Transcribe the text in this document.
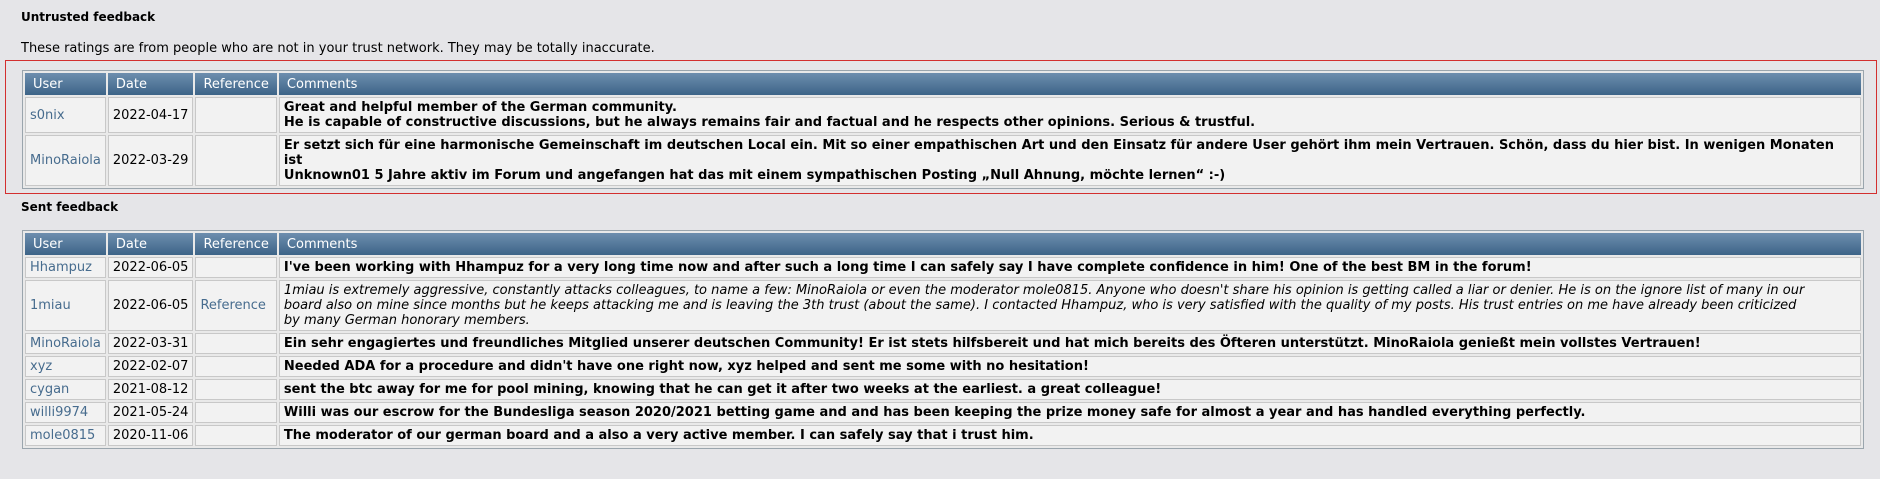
Untrusted feedback
These ratings are from people who are not in your trust network. They may be totally inaccurate.
User	Date	Reference	Comments
s0nix	2022-04-17		Great and helpful member of the German community.
He is capable of constructive discussions, but he always remains fair and factual and he respects other opinions. Serious & trustful.

MinoRaiola	2022-03-29		Er setzt sich für eine harmonische Gemeinschaft im deutschen Local ein. Mit so einer empathischen Art und den Einsatz für andere User gehört ihm mein Vertrauen. Schön, dass du hier bist. In wenigen Monaten ist
Unknown01 5 Jahre aktiv im Forum und angefangen hat das mit einem sympathischen Posting „Null Ahnung, möchte lernen“ :-)
Sent feedback
User	Date	Reference	Comments
Hhampuz	2022-06-05		I've been working with Hhampuz for a very long time now and after such a long time I can safely say I have complete confidence in him! One of the best BM in the forum!
1miau	2022-06-05	Reference	1miau is extremely aggressive, constantly attacks colleagues, to name a few: MinoRaiola or even the moderator mole0815. Anyone who doesn't share his opinion is getting called a liar or denier. He is on the ignore list of many in our
board also on mine since months but he keeps attacking me and is leaving the 3th trust (about the same). I contacted Hhampuz, who is very satisfied with the quality of my posts. His trust entries on me have already been criticized
by many German honorary members.

MinoRaiola	2022-03-31		Ein sehr engagiertes und freundliches Mitglied unserer deutschen Community! Er ist stets hilfsbereit und hat mich bereits des Öfteren unterstützt. MinoRaiola genießt mein vollstes Vertrauen!
xyz	2022-02-07		Needed ADA for a procedure and didn't have one right now, xyz helped and sent me some with no hesitation!
cygan	2021-08-12		sent the btc away for me for pool mining, knowing that he can get it after two weeks at the earliest. a great colleague!
willi9974	2021-05-24		Willi was our escrow for the Bundesliga season 2020/2021 betting game and and has been keeping the prize money safe for almost a year and has handled everything perfectly.
mole0815	2020-11-06		The moderator of our german board and a also a very active member. I can safely say that i trust him.
